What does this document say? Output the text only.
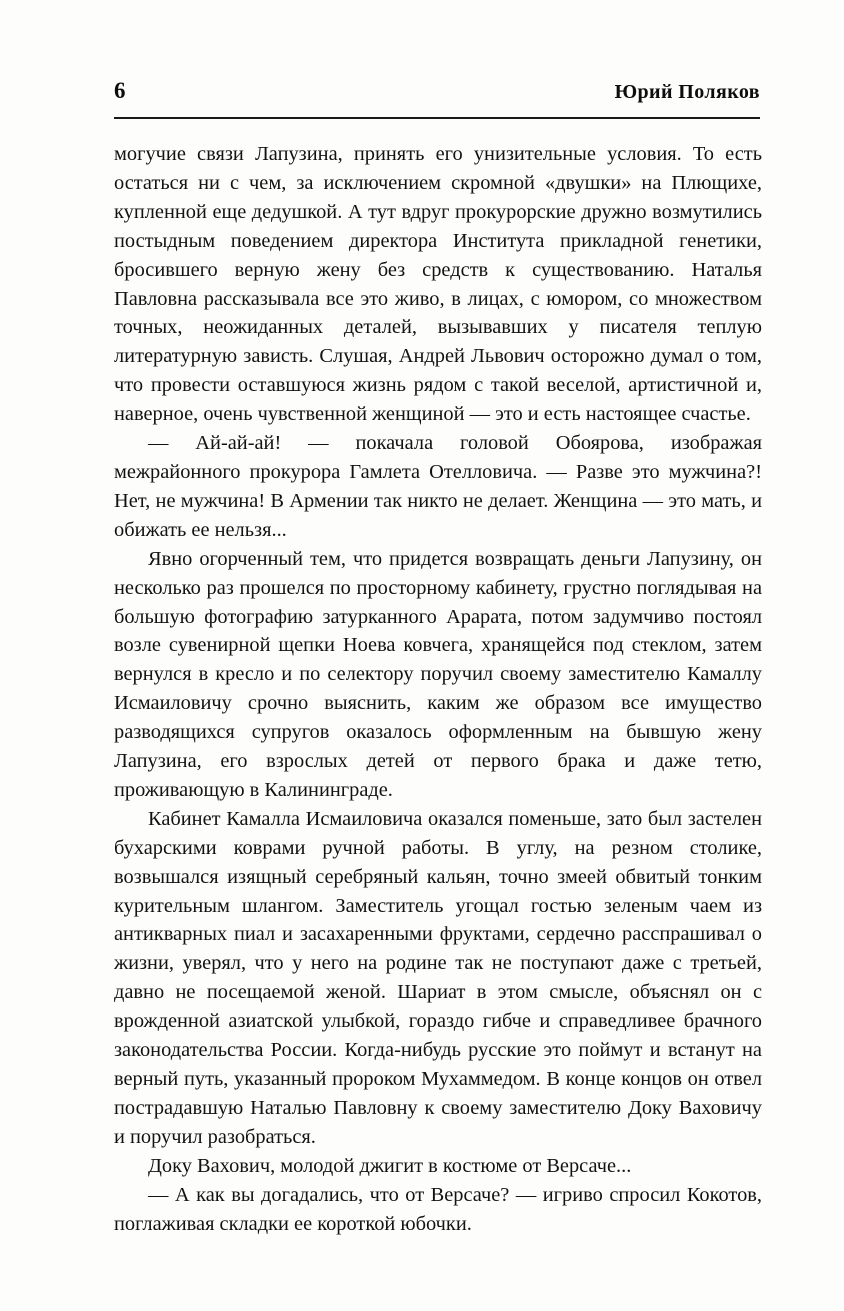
6	Юрий Поляков

могучие связи Лапузина, принять его унизительные условия. То есть остаться ни с чем, за исключением скромной «двушки» на Плющихе, купленной еще дедушкой. А тут вдруг прокурорские дружно возмутились постыдным поведением директора Института прикладной генетики, бросившего верную жену без средств к существованию. Наталья Павловна рассказывала все это живо, в лицах, с юмором, со множеством точных, неожиданных деталей, вызывавших у писателя теплую литературную зависть. Слушая, Андрей Львович осторожно думал о том, что провести оставшуюся жизнь рядом с такой веселой, артистичной и, наверное, очень чувственной женщиной — это и есть настоящее счастье.

— Ай-ай-ай! — покачала головой Обоярова, изображая межрайонного прокурора Гамлета Отелловича. — Разве это мужчина?! Нет, не мужчина! В Армении так никто не делает. Женщина — это мать, и обижать ее нельзя...

Явно огорченный тем, что придется возвращать деньги Лапузину, он несколько раз прошелся по просторному кабинету, грустно поглядывая на большую фотографию затурканного Арарата, потом задумчиво постоял возле сувенирной щепки Ноева ковчега, хранящейся под стеклом, затем вернулся в кресло и по селектору поручил своему заместителю Камаллу Исмаиловичу срочно выяснить, каким же образом все имущество разводящихся супругов оказалось оформленным на бывшую жену Лапузина, его взрослых детей от первого брака и даже тетю, проживающую в Калининграде.

Кабинет Камалла Исмаиловича оказался поменьше, зато был застелен бухарскими коврами ручной работы. В углу, на резном столике, возвышался изящный серебряный кальян, точно змеей обвитый тонким курительным шлангом. Заместитель угощал гостью зеленым чаем из антикварных пиал и засахаренными фруктами, сердечно расспрашивал о жизни, уверял, что у него на родине так не поступают даже с третьей, давно не посещаемой женой. Шариат в этом смысле, объяснял он с врожденной азиатской улыбкой, гораздо гибче и справедливее брачного законодательства России. Когда-нибудь русские это поймут и встанут на верный путь, указанный пророком Мухаммедом. В конце концов он отвел пострадавшую Наталью Павловну к своему заместителю Доку Ваховичу и поручил разобраться.

Доку Вахович, молодой джигит в костюме от Версаче...

— А как вы догадались, что от Версаче? — игриво спросил Кокотов, поглаживая складки ее короткой юбочки.
